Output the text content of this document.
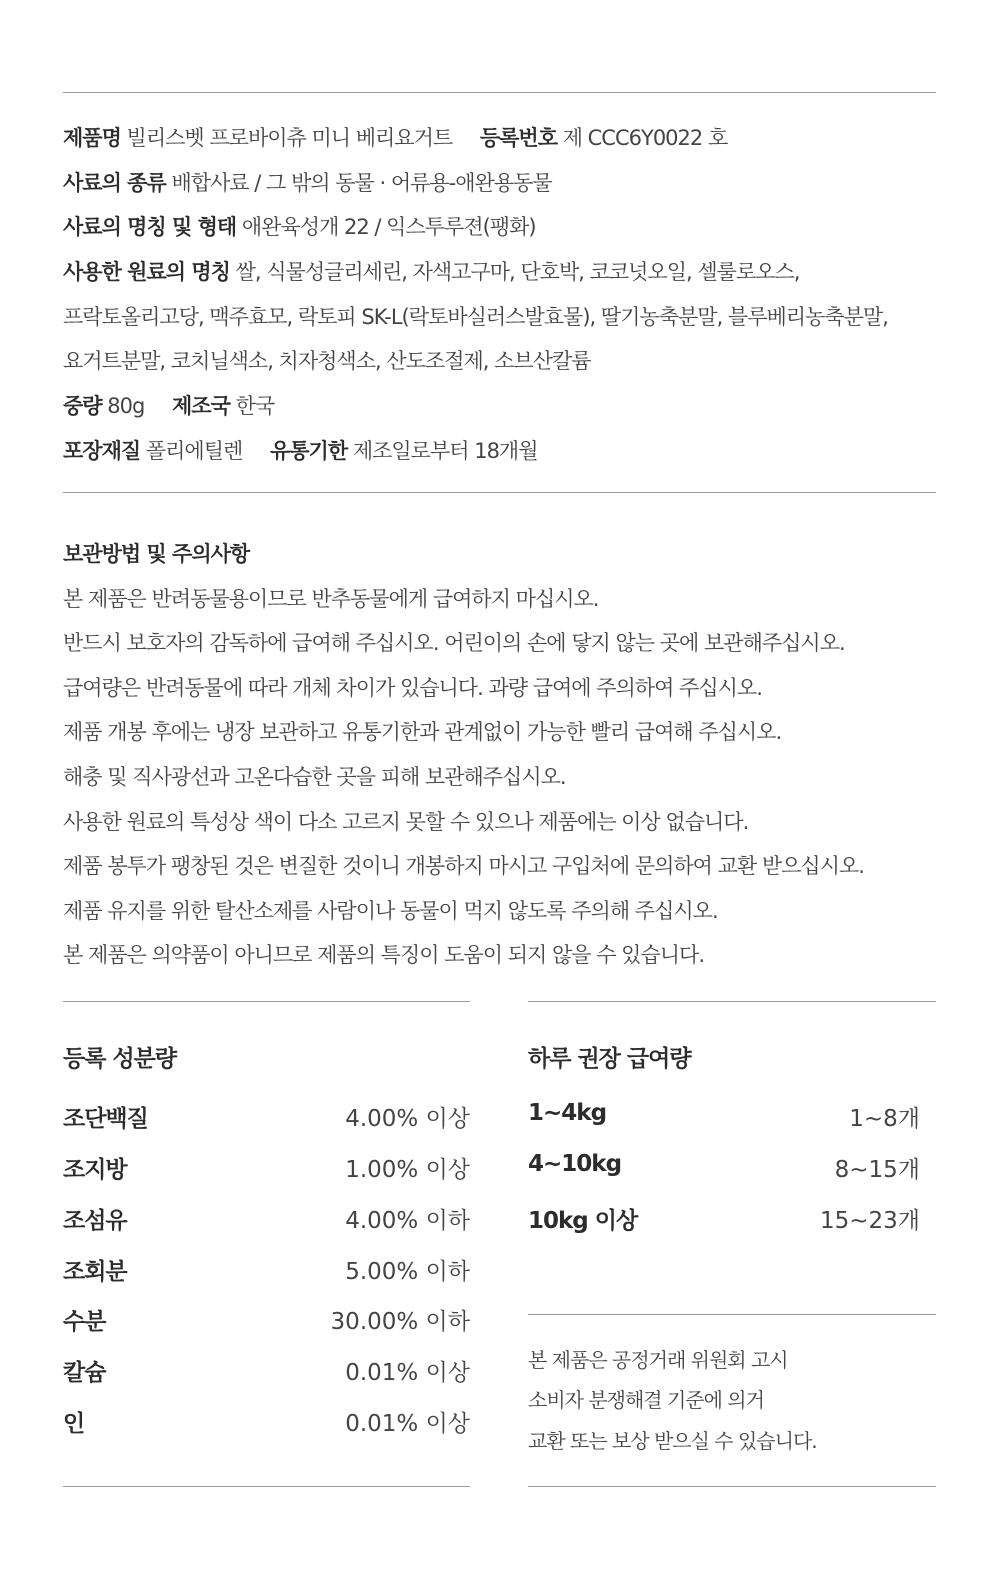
제품명 빌리스벳 프로바이츄 미니 베리요거트 등록번호 제 CCC6Y0022 호
사료의 종류 배합사료 / 그 밖의 동물 · 어류용-애완용동물
사료의 명칭 및 형태 애완육성개 22 / 익스투루젼(팽화)
사용한 원료의 명칭 쌀, 식물성글리세린, 자색고구마, 단호박, 코코넛오일, 셀룰로오스,
프락토올리고당, 맥주효모, 락토피 SK-L(락토바실러스발효물), 딸기농축분말, 블루베리농축분말,
요거트분말, 코치닐색소, 치자청색소, 산도조절제, 소브산칼륨
중량 80g 제조국 한국
포장재질 폴리에틸렌 유통기한 제조일로부터 18개월
보관방법 및 주의사항
본 제품은 반려동물용이므로 반추동물에게 급여하지 마십시오.
반드시 보호자의 감독하에 급여해 주십시오. 어린이의 손에 닿지 않는 곳에 보관해주십시오.
급여량은 반려동물에 따라 개체 차이가 있습니다. 과량 급여에 주의하여 주십시오.
제품 개봉 후에는 냉장 보관하고 유통기한과 관계없이 가능한 빨리 급여해 주십시오.
해충 및 직사광선과 고온다습한 곳을 피해 보관해주십시오.
사용한 원료의 특성상 색이 다소 고르지 못할 수 있으나 제품에는 이상 없습니다.
제품 봉투가 팽창된 것은 변질한 것이니 개봉하지 마시고 구입처에 문의하여 교환 받으십시오.
제품 유지를 위한 탈산소제를 사람이나 동물이 먹지 않도록 주의해 주십시오.
본 제품은 의약품이 아니므로 제품의 특징이 도움이 되지 않을 수 있습니다.
등록 성분량
조단백질	4.00% 이상
조지방	1.00% 이상
조섬유	4.00% 이하
조회분	5.00% 이하
수분	30.00% 이하
칼슘	0.01% 이상
인	0.01% 이상
하루 권장 급여량
1~4kg	1~8개
4~10kg	8~15개
10kg 이상	15~23개
본 제품은 공정거래 위원회 고시
소비자 분쟁해결 기준에 의거
교환 또는 보상 받으실 수 있습니다.
